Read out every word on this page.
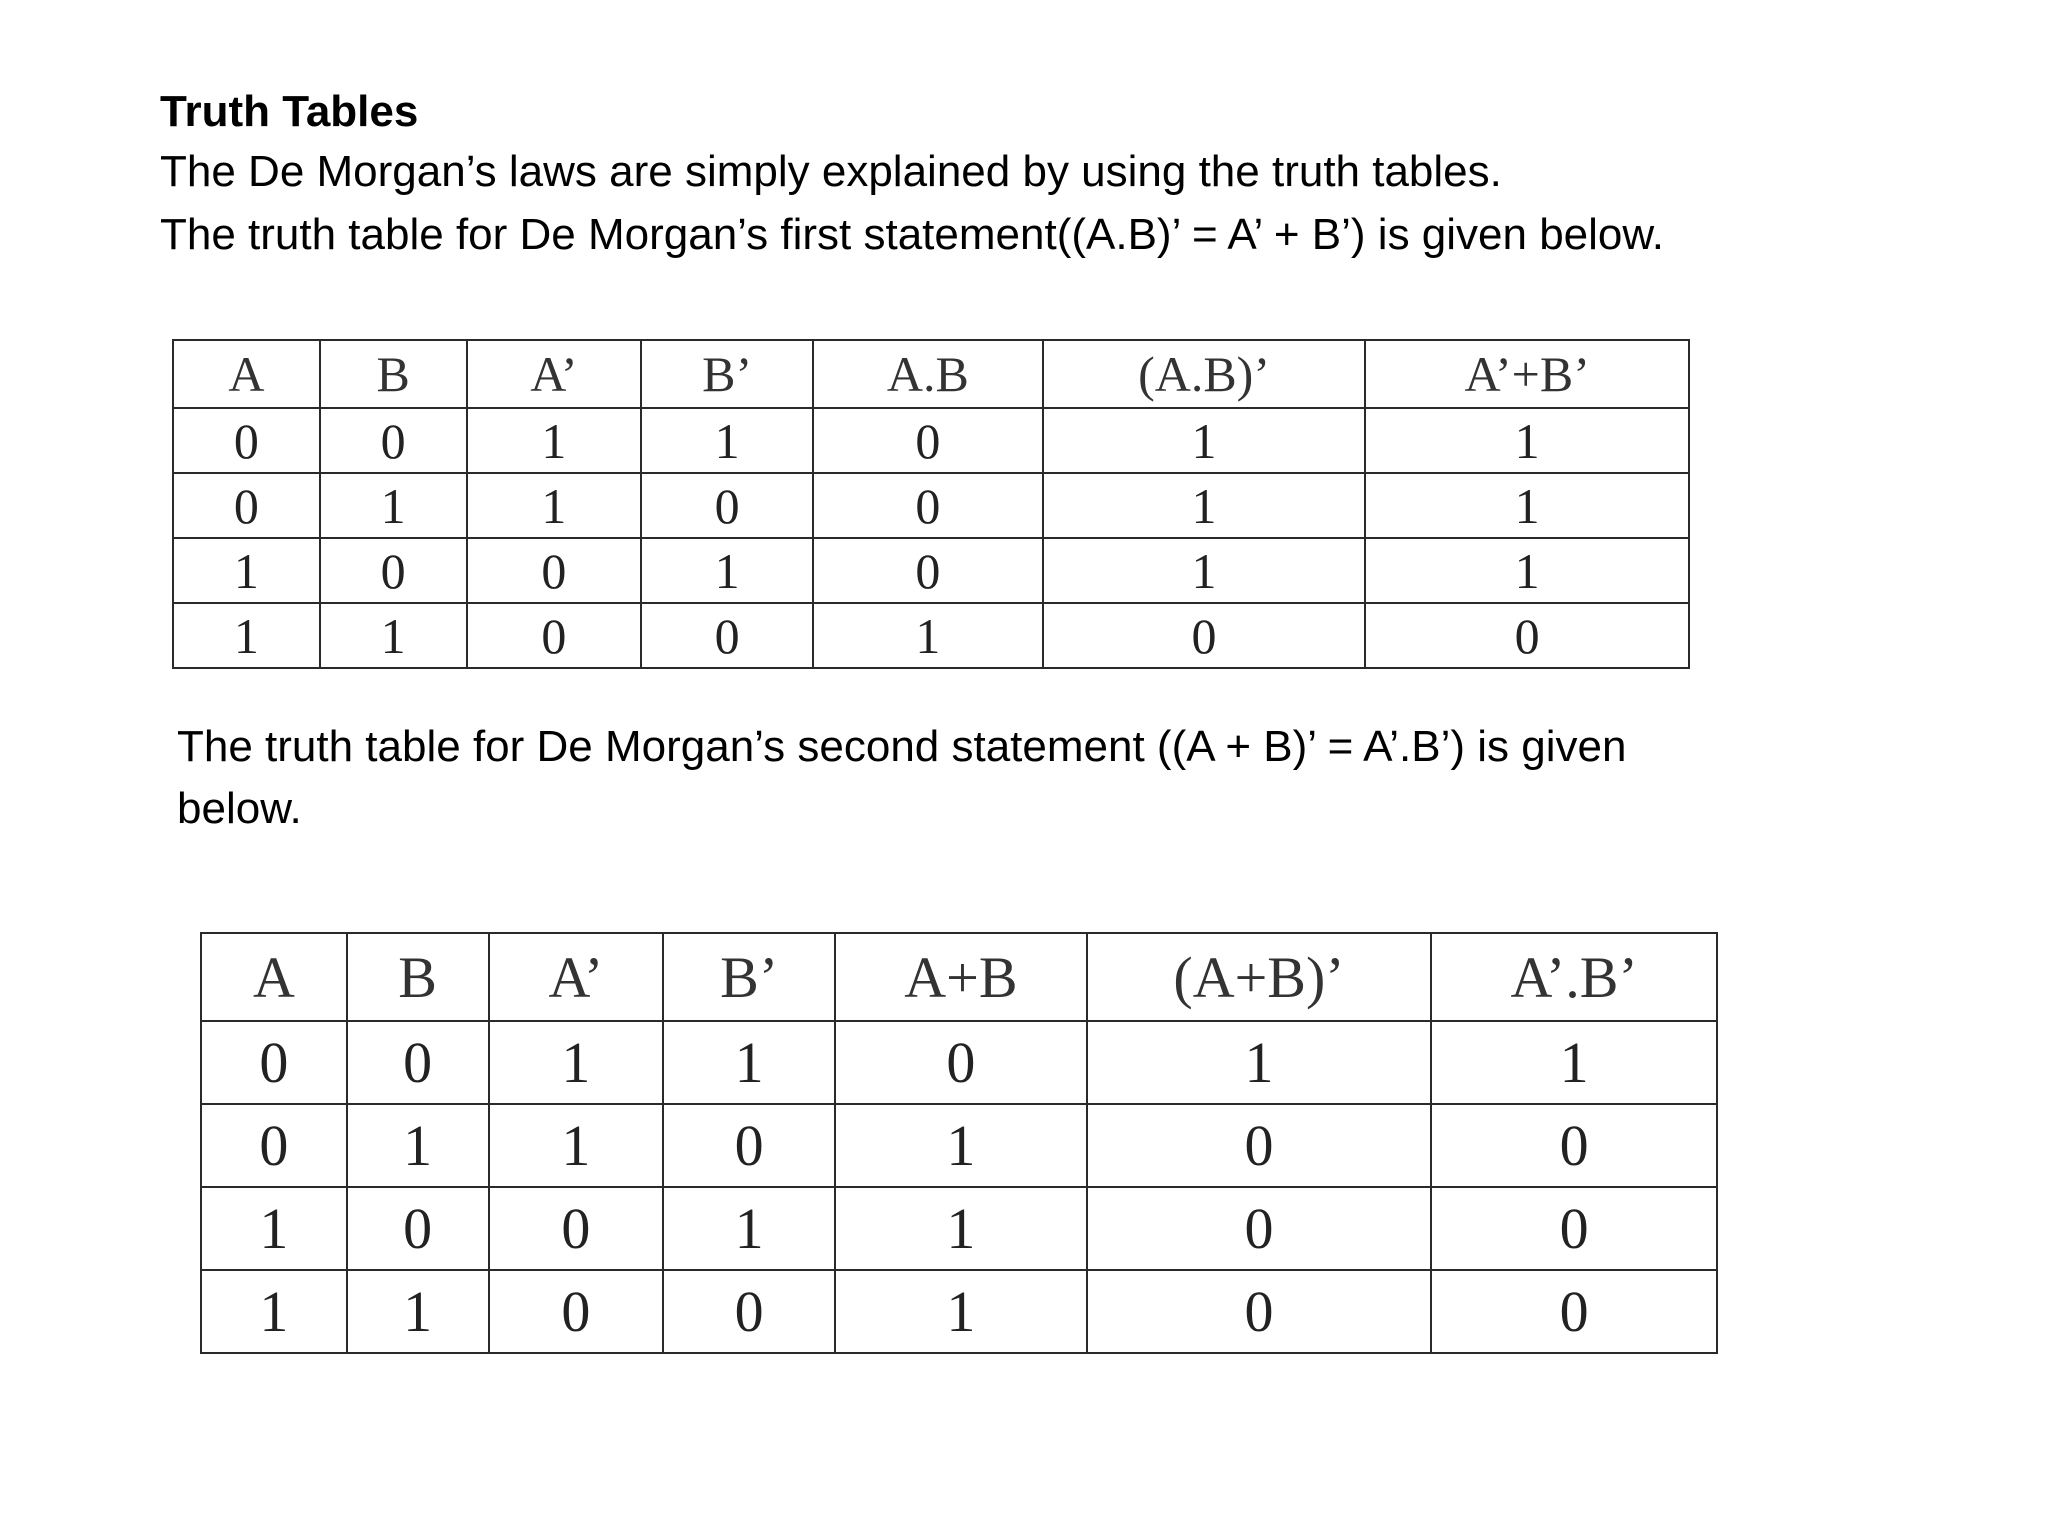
Truth Tables

The De Morgan’s laws are simply explained by using the truth tables.

The truth table for De Morgan’s first statement((A.B)’ = A’ + B’) is given below.

A	B	A’	B’	A.B	(A.B)’	A’+B’
0	0	1	1	0	1	1
0	1	1	0	0	1	1
1	0	0	1	0	1	1
1	1	0	0	1	0	0

The truth table for De Morgan’s second statement ((A + B)’ = A’.B’) is given below.

A	B	A’	B’	A+B	(A+B)’	A’.B’
0	0	1	1	0	1	1
0	1	1	0	1	0	0
1	0	0	1	1	0	0
1	1	0	0	1	0	0
